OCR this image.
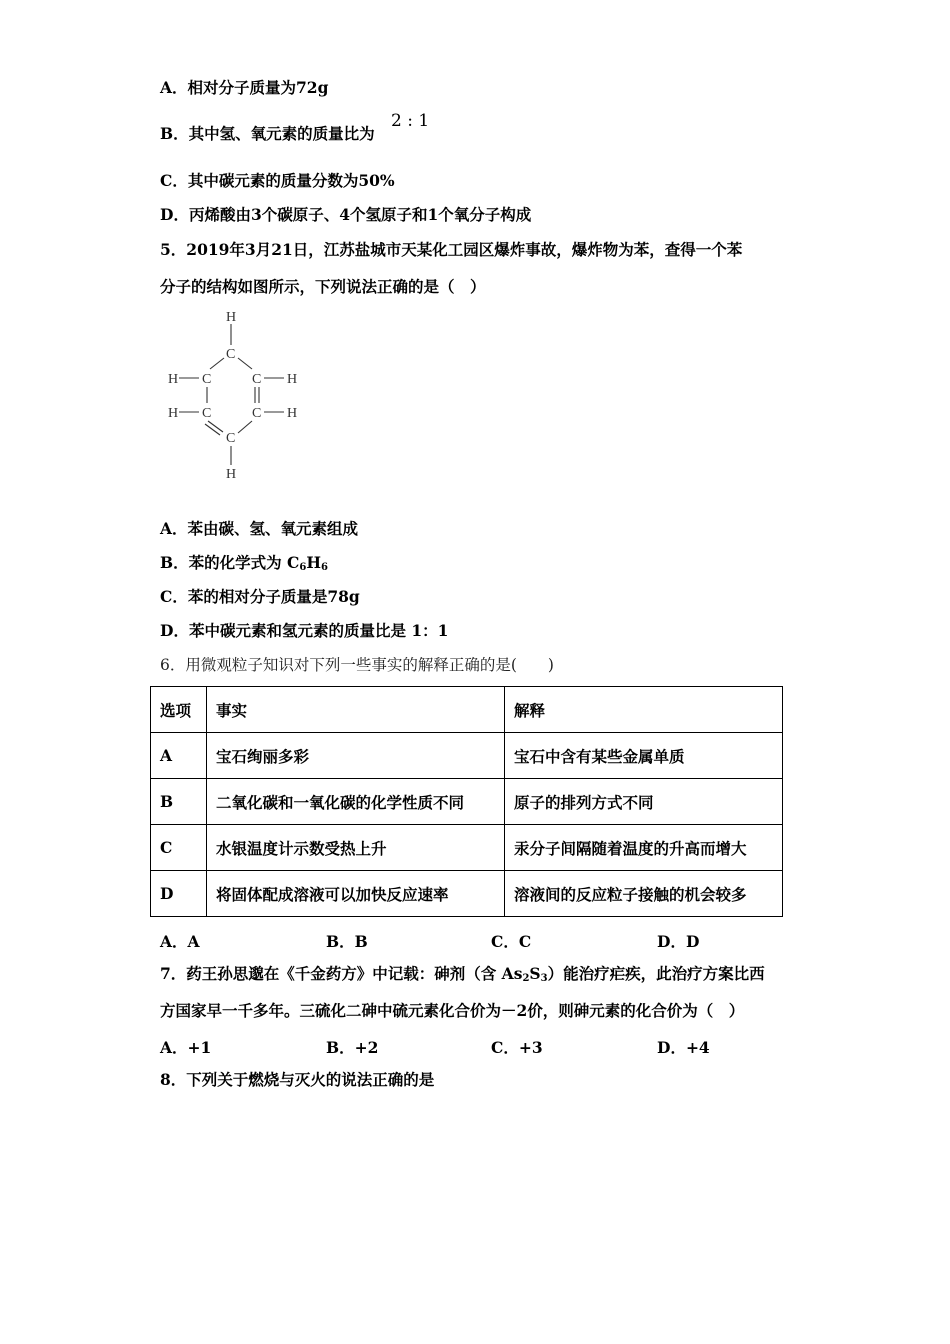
A．相对分子质量为72g
B．其中氢、氧元素的质量比为
2 : 1
C．其中碳元素的质量分数为50%
D．丙烯酸由3个碳原子、4个氢原子和1个氧分子构成
5．2019年3月21日，江苏盐城市天某化工园区爆炸事故，爆炸物为苯，查得一个苯
分子的结构如图所示，下列说法正确的是（　）
H
C
H C	C H
H C	C H
C
H
A．苯由碳、氢、氧元素组成
B．苯的化学式为 $C_6H_6$
C．苯的相对分子质量是78g
D．苯中碳元素和氢元素的质量比是 1：1
6．用微观粒子知识对下列一些事实的解释正确的是(　　)
选项	事实	解释
A	宝石绚丽多彩	宝石中含有某些金属单质
B	二氧化碳和一氧化碳的化学性质不同	原子的排列方式不同
C	水银温度计示数受热上升	汞分子间隔随着温度的升高而增大
D	将固体配成溶液可以加快反应速率	溶液间的反应粒子接触的机会较多
A．A	B．B	C．C	D．D
7．药王孙思邈在《千金药方》中记载：砷剂（含 $As_2S_3$）能治疗疟疾，此治疗方案比西
方国家早一千多年。三硫化二砷中硫元素化合价为－2价，则砷元素的化合价为（　）
A．+1	B．+2	C．+3	D．+4
8．下列关于燃烧与灭火的说法正确的是
